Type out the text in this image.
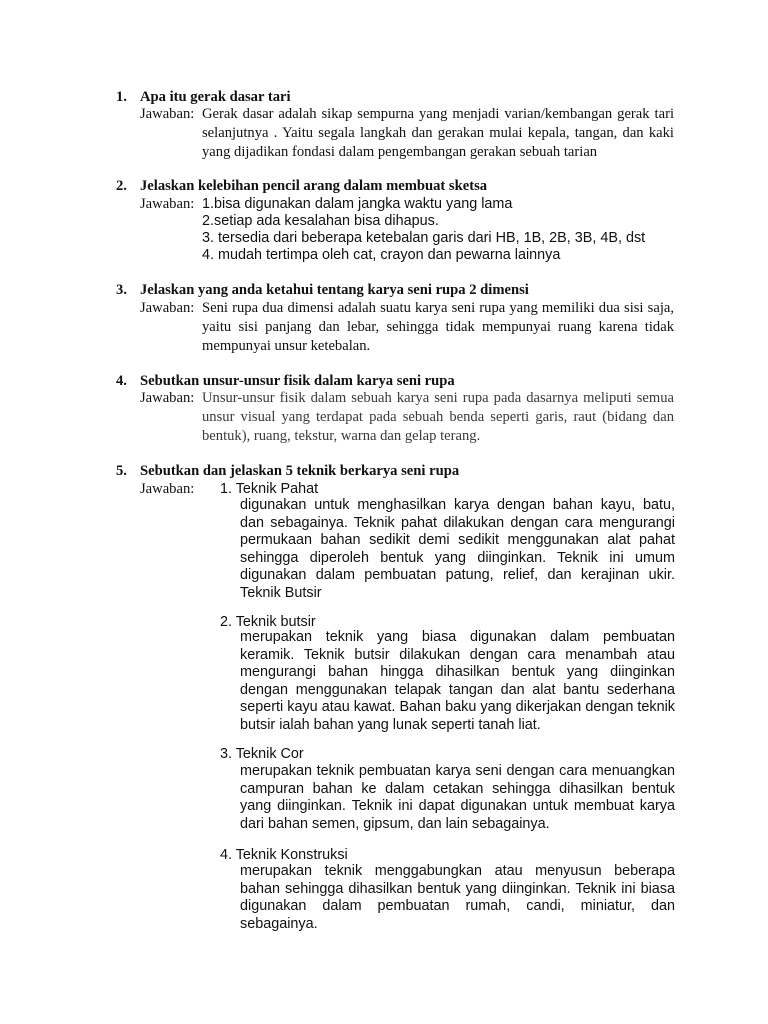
1. Apa itu gerak dasar tari
Jawaban: Gerak dasar adalah sikap sempurna yang menjadi varian/kembangan gerak tari selanjutnya . Yaitu segala langkah dan gerakan mulai kepala, tangan, dan kaki yang dijadikan fondasi dalam pengembangan gerakan sebuah tarian
2. Jelaskan kelebihan pencil arang dalam membuat sketsa
Jawaban: 1.bisa digunakan dalam jangka waktu yang lama
2.setiap ada kesalahan bisa dihapus.
3. tersedia dari beberapa ketebalan garis dari HB, 1B, 2B, 3B, 4B, dst
4. mudah tertimpa oleh cat, crayon dan pewarna lainnya
3. Jelaskan yang anda ketahui tentang karya seni rupa 2 dimensi
Jawaban: Seni rupa dua dimensi adalah suatu karya seni rupa yang memiliki dua sisi saja, yaitu sisi panjang dan lebar, sehingga tidak mempunyai ruang karena tidak mempunyai unsur ketebalan.
4. Sebutkan unsur-unsur fisik dalam karya seni rupa
Jawaban: Unsur-unsur fisik dalam sebuah karya seni rupa pada dasarnya meliputi semua unsur visual yang terdapat pada sebuah benda seperti garis, raut (bidang dan bentuk), ruang, tekstur, warna dan gelap terang.
5. Sebutkan dan jelaskan 5 teknik berkarya seni rupa
Jawaban: 1. Teknik Pahat
digunakan untuk menghasilkan karya dengan bahan kayu, batu, dan sebagainya. Teknik pahat dilakukan dengan cara mengurangi permukaan bahan sedikit demi sedikit menggunakan alat pahat sehingga diperoleh bentuk yang diinginkan. Teknik ini umum digunakan dalam pembuatan patung, relief, dan kerajinan ukir. Teknik Butsir
2. Teknik butsir
merupakan teknik yang biasa digunakan dalam pembuatan keramik. Teknik butsir dilakukan dengan cara menambah atau mengurangi bahan hingga dihasilkan bentuk yang diinginkan dengan menggunakan telapak tangan dan alat bantu sederhana seperti kayu atau kawat. Bahan baku yang dikerjakan dengan teknik butsir ialah bahan yang lunak seperti tanah liat.
3. Teknik Cor
merupakan teknik pembuatan karya seni dengan cara menuangkan campuran bahan ke dalam cetakan sehingga dihasilkan bentuk yang diinginkan. Teknik ini dapat digunakan untuk membuat karya dari bahan semen, gipsum, dan lain sebagainya.
4. Teknik Konstruksi
merupakan teknik menggabungkan atau menyusun beberapa bahan sehingga dihasilkan bentuk yang diinginkan. Teknik ini biasa digunakan dalam pembuatan rumah, candi, miniatur, dan sebagainya.
